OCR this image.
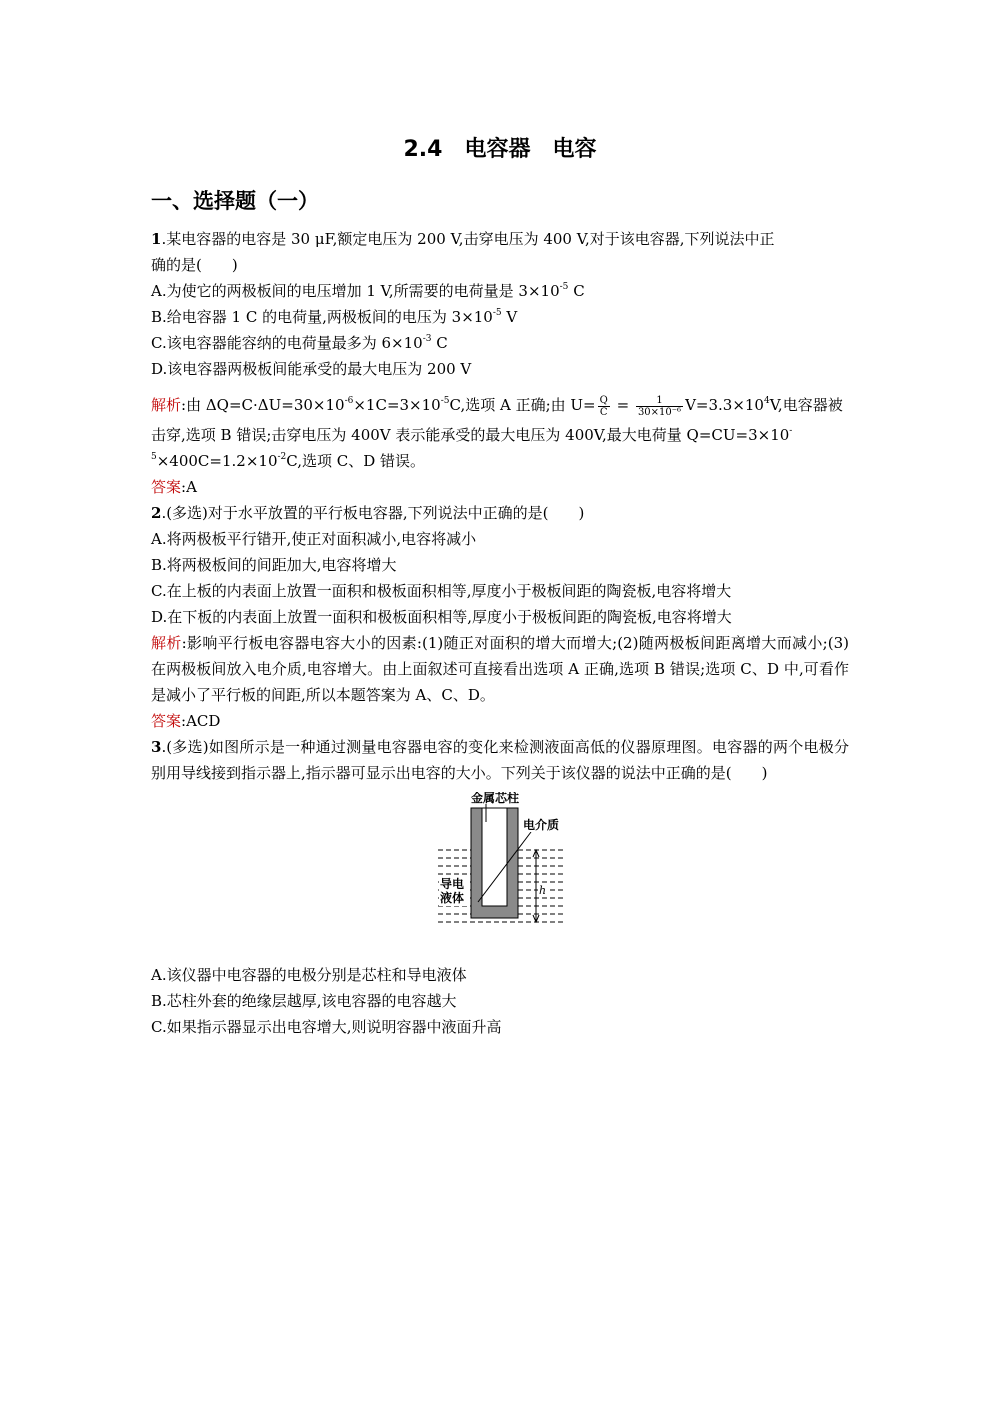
2.4　电容器　电容
一、选择题（一）
1.某电容器的电容是 30 μF,额定电压为 200 V,击穿电压为 400 V,对于该电容器,下列说法中正
确的是(　　)
A.为使它的两极板间的电压增加 1 V,所需要的电荷量是 $3\times 10^{-5}$ C
B.给电容器 1 C 的电荷量,两极板间的电压为 $3\times 10^{-5}$ V
C.该电容器能容纳的电荷量最多为 $6\times 10^{-3}$ C
D.该电容器两极板间能承受的最大电压为 200 V
解析:由 $\Delta Q=C\cdot\Delta U=30\times 10^{-6}\times 1C=3\times 10^{-5}C$,选项 A 正确;由 $U= \frac{Q}{C} = \frac{1}{\text{30×10⁻⁶}} V=3.3\times 10^4V$,电容器被
击穿,选项 B 错误;击穿电压为 400V 表示能承受的最大电压为 400V,最大电荷量 Q=CU=3×10-
$^5\times 400C=1.2\times 10^{-2}C$,选项 C、D 错误。
答案:A
2.(多选)对于水平放置的平行板电容器,下列说法中正确的是(　　)
A.将两极板平行错开,使正对面积减小,电容将减小
B.将两极板间的间距加大,电容将增大
C.在上板的内表面上放置一面积和极板面积相等,厚度小于极板间距的陶瓷板,电容将增大
D.在下板的内表面上放置一面积和极板面积相等,厚度小于极板间距的陶瓷板,电容将增大
解析:影响平行板电容器电容大小的因素:(1)随正对面积的增大而增大;(2)随两极板间距离增大而减小;(3)在两极板间放入电介质,电容增大。由上面叙述可直接看出选项 A 正确,选项 B 错误;选项 C、D 中,可看作是减小了平行板的间距,所以本题答案为 A、C、D。
答案:ACD
3.(多选)如图所示是一种通过测量电容器电容的变化来检测液面高低的仪器原理图。电容器的两个电极分别用导线接到指示器上,指示器可显示出电容的大小。下列关于该仪器的说法中正确的是(　　)
金属芯柱
电介质
导电
液体
h
A.该仪器中电容器的电极分别是芯柱和导电液体
B.芯柱外套的绝缘层越厚,该电容器的电容越大
C.如果指示器显示出电容增大,则说明容器中液面升高
